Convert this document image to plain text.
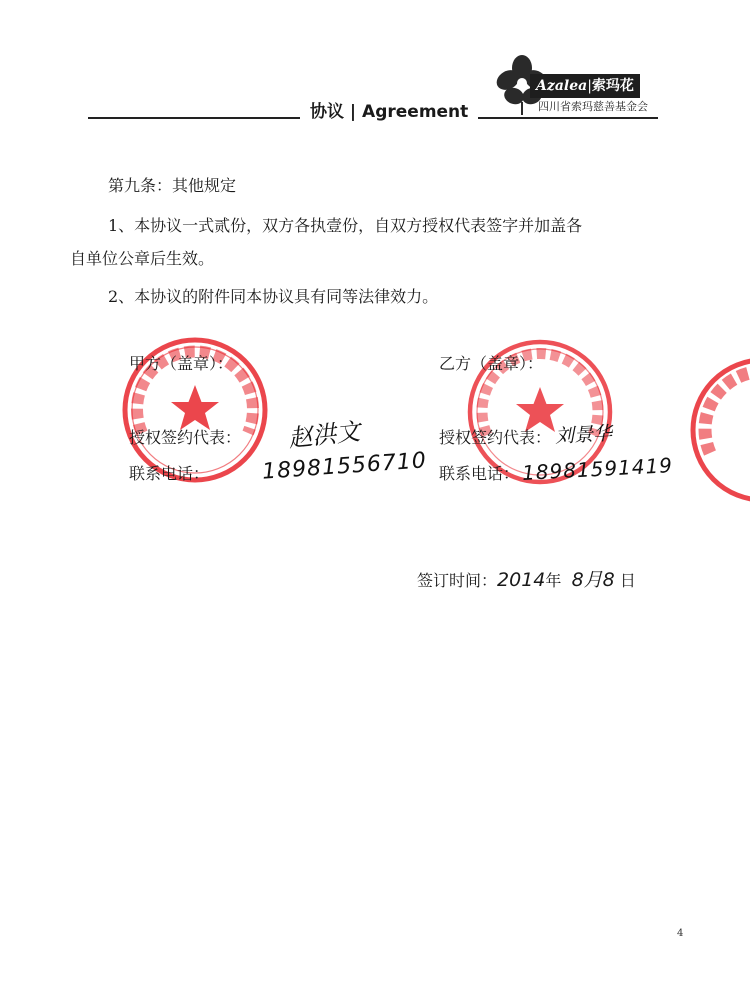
协议 | Agreement
Azalea|索玛花
四川省索玛慈善基金会
第九条：其他规定
1、本协议一式贰份，双方各执壹份，自双方授权代表签字并加盖各
自单位公章后生效。
2、本协议的附件同本协议具有同等法律效力。
甲方（盖章）：
授权签约代表： 赵洪文
联系电话： 18981556710
乙方（盖章）：
授权签约代表： 刘景华
联系电话： 18981591419
签订时间：2014年 8月8 日
4
